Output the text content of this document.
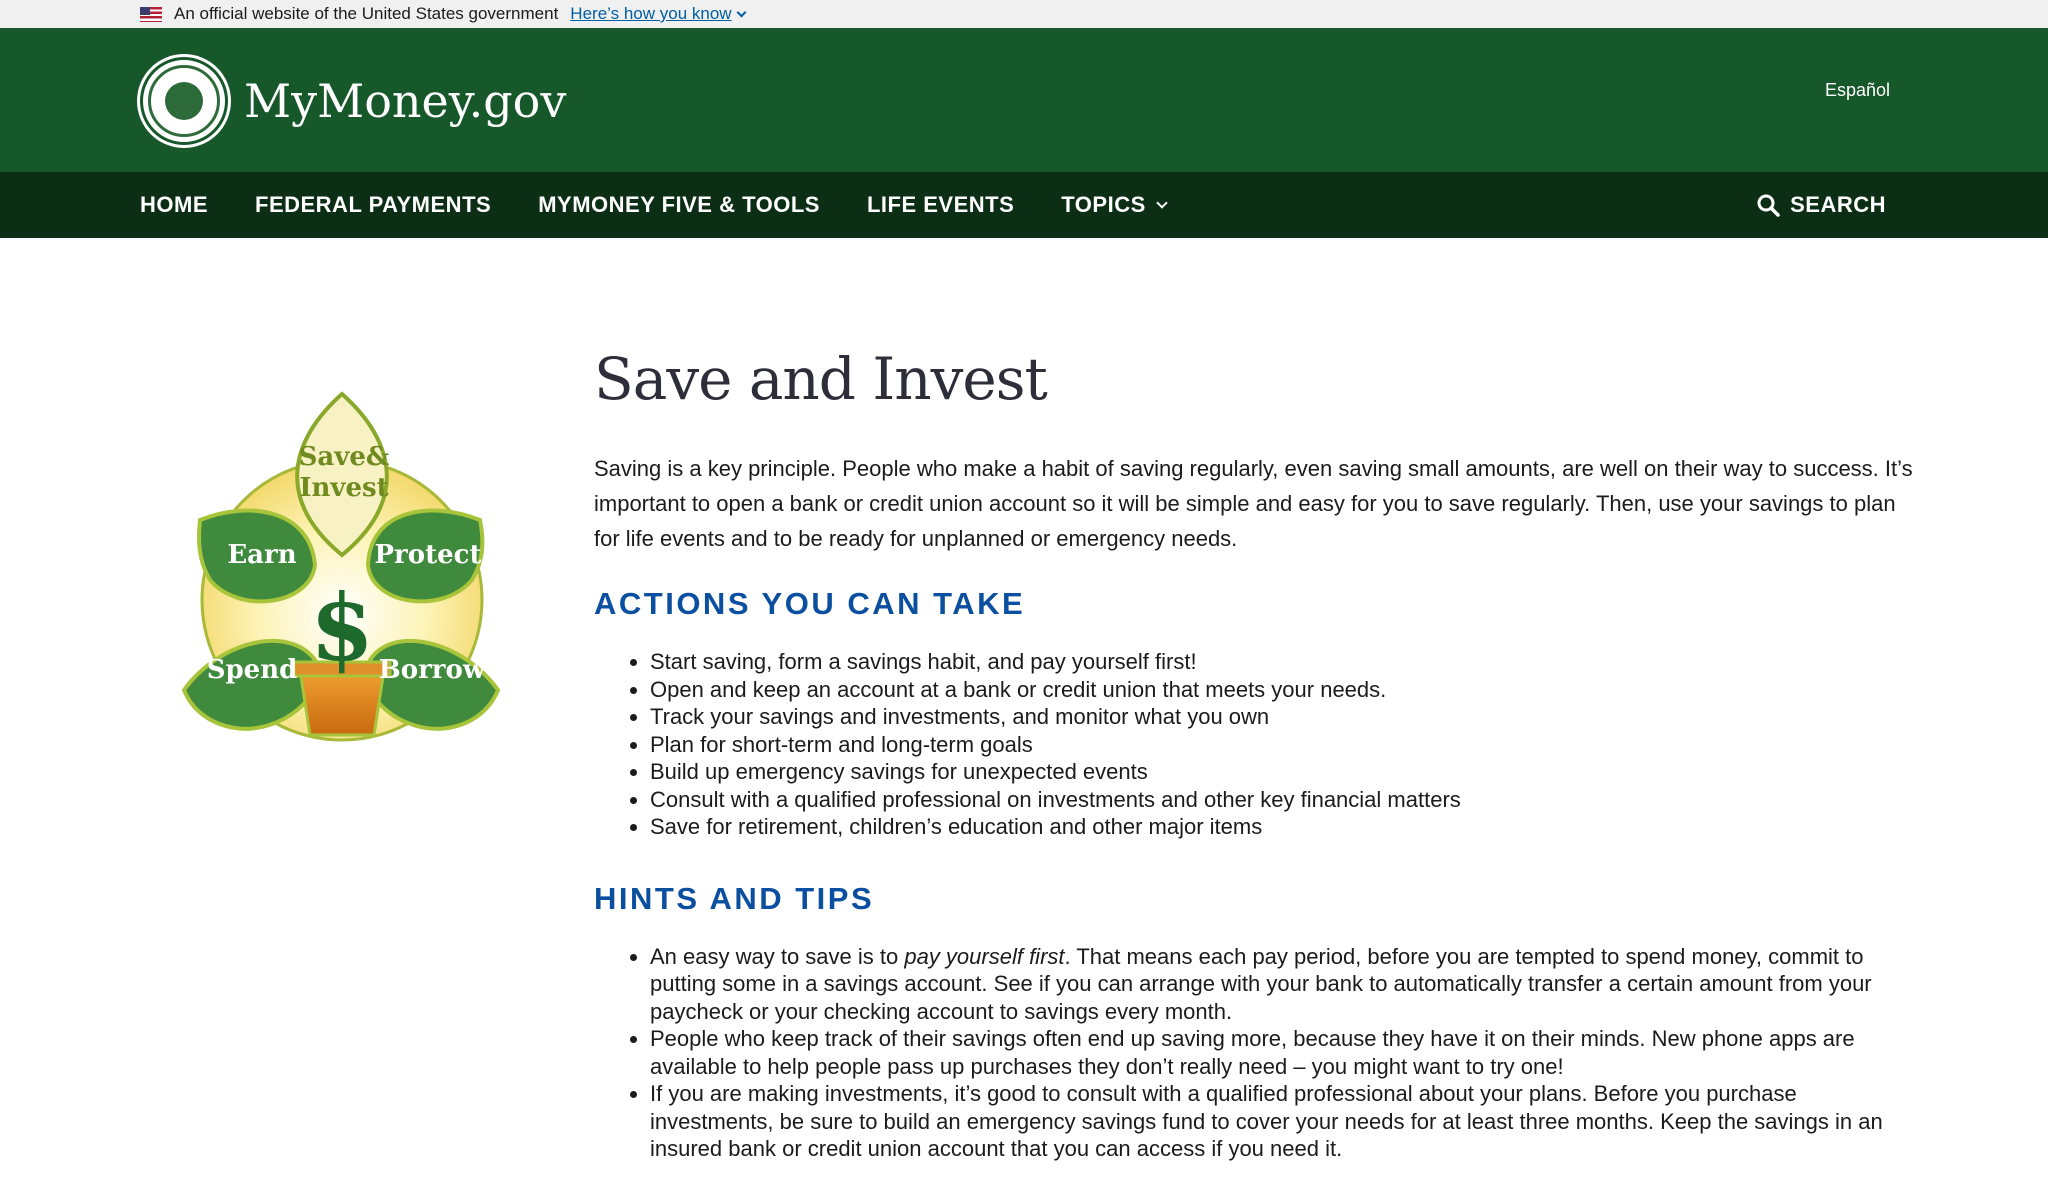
An official website of the United States government Here’s how you know
MyMoney.gov	Español
HOME FEDERAL PAYMENTS MYMONEY FIVE & TOOLS LIFE EVENTS TOPICS	SEARCH
$
Save&
Invest
Earn	Protect
Spend	Borrow
Save and Invest

Saving is a key principle. People who make a habit of saving regularly, even saving small amounts, are well on their way to success. It’s important to open a bank or credit union account so it will be simple and easy for you to save regularly. Then, use your savings to plan for life events and to be ready for unplanned or emergency needs.

ACTIONS YOU CAN TAKE
• Start saving, form a savings habit, and pay yourself first!
• Open and keep an account at a bank or credit union that meets your needs.
• Track your savings and investments, and monitor what you own
• Plan for short-term and long-term goals
• Build up emergency savings for unexpected events
• Consult with a qualified professional on investments and other key financial matters
• Save for retirement, children’s education and other major items
HINTS AND TIPS
• An easy way to save is to pay yourself first. That means each pay period, before you are tempted to spend money, commit to putting some in a savings account. See if you can arrange with your bank to automatically transfer a certain amount from your paycheck or your checking account to savings every month.
• People who keep track of their savings often end up saving more, because they have it on their minds. New phone apps are available to help people pass up purchases they don’t really need – you might want to try one!
• If you are making investments, it’s good to consult with a qualified professional about your plans. Before you purchase investments, be sure to build an emergency savings fund to cover your needs for at least three months. Keep the savings in an insured bank or credit union account that you can access if you need it.
